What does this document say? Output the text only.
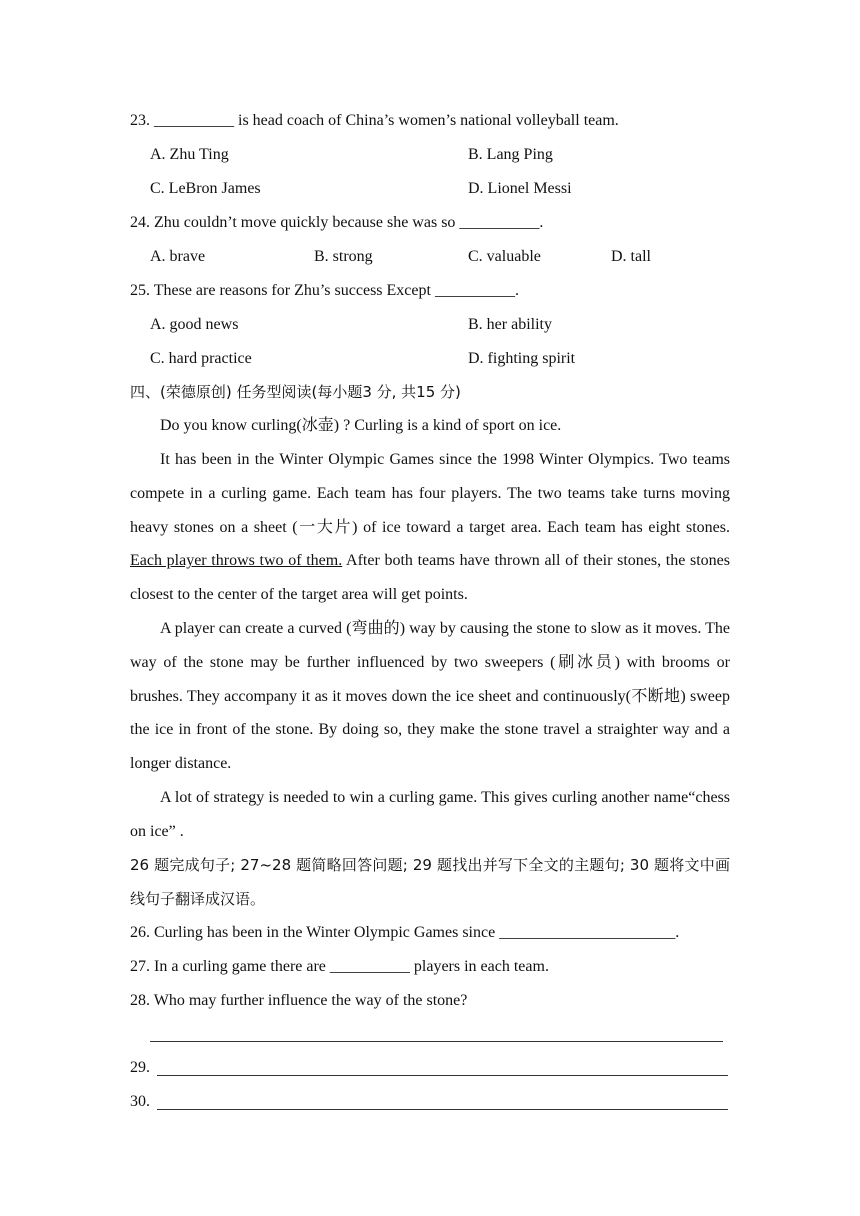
23. __________ is head coach of China’s women’s national volleyball team.
A. Zhu Ting	B. Lang Ping
C. LeBron James	D. Lionel Messi
24. Zhu couldn’t move quickly because she was so __________.
A. brave	B. strong	C. valuable	D. tall
25. These are reasons for Zhu’s success Except __________.
A. good news	B. her ability
C. hard practice	D. fighting spirit
四、(荣德原创) 任务型阅读(每小题3 分, 共15 分)
Do you know curling(冰壶) ? Curling is a kind of sport on ice.
It has been in the Winter Olympic Games since the 1998 Winter Olympics. Two teams compete in a curling game. Each team has four players. The two teams take turns moving heavy stones on a sheet (一大片) of ice toward a target area. Each team has eight stones. Each player throws two of them. After both teams have thrown all of their stones, the stones closest to the center of the target area will get points.
A player can create a curved (弯曲的) way by causing the stone to slow as it moves. The way of the stone may be further influenced by two sweepers (刷冰员) with brooms or brushes. They accompany it as it moves down the ice sheet and continuously(不断地) sweep the ice in front of the stone. By doing so, they make the stone travel a straighter way and a longer distance.
A lot of strategy is needed to win a curling game. This gives curling another name“chess on ice” .
26 题完成句子; 27~28 题简略回答问题; 29 题找出并写下全文的主题句; 30 题将文中画线句子翻译成汉语。
26. Curling has been in the Winter Olympic Games since ______________________.
27. In a curling game there are __________ players in each team.
28. Who may further influence the way of the stone?
29.
30.
